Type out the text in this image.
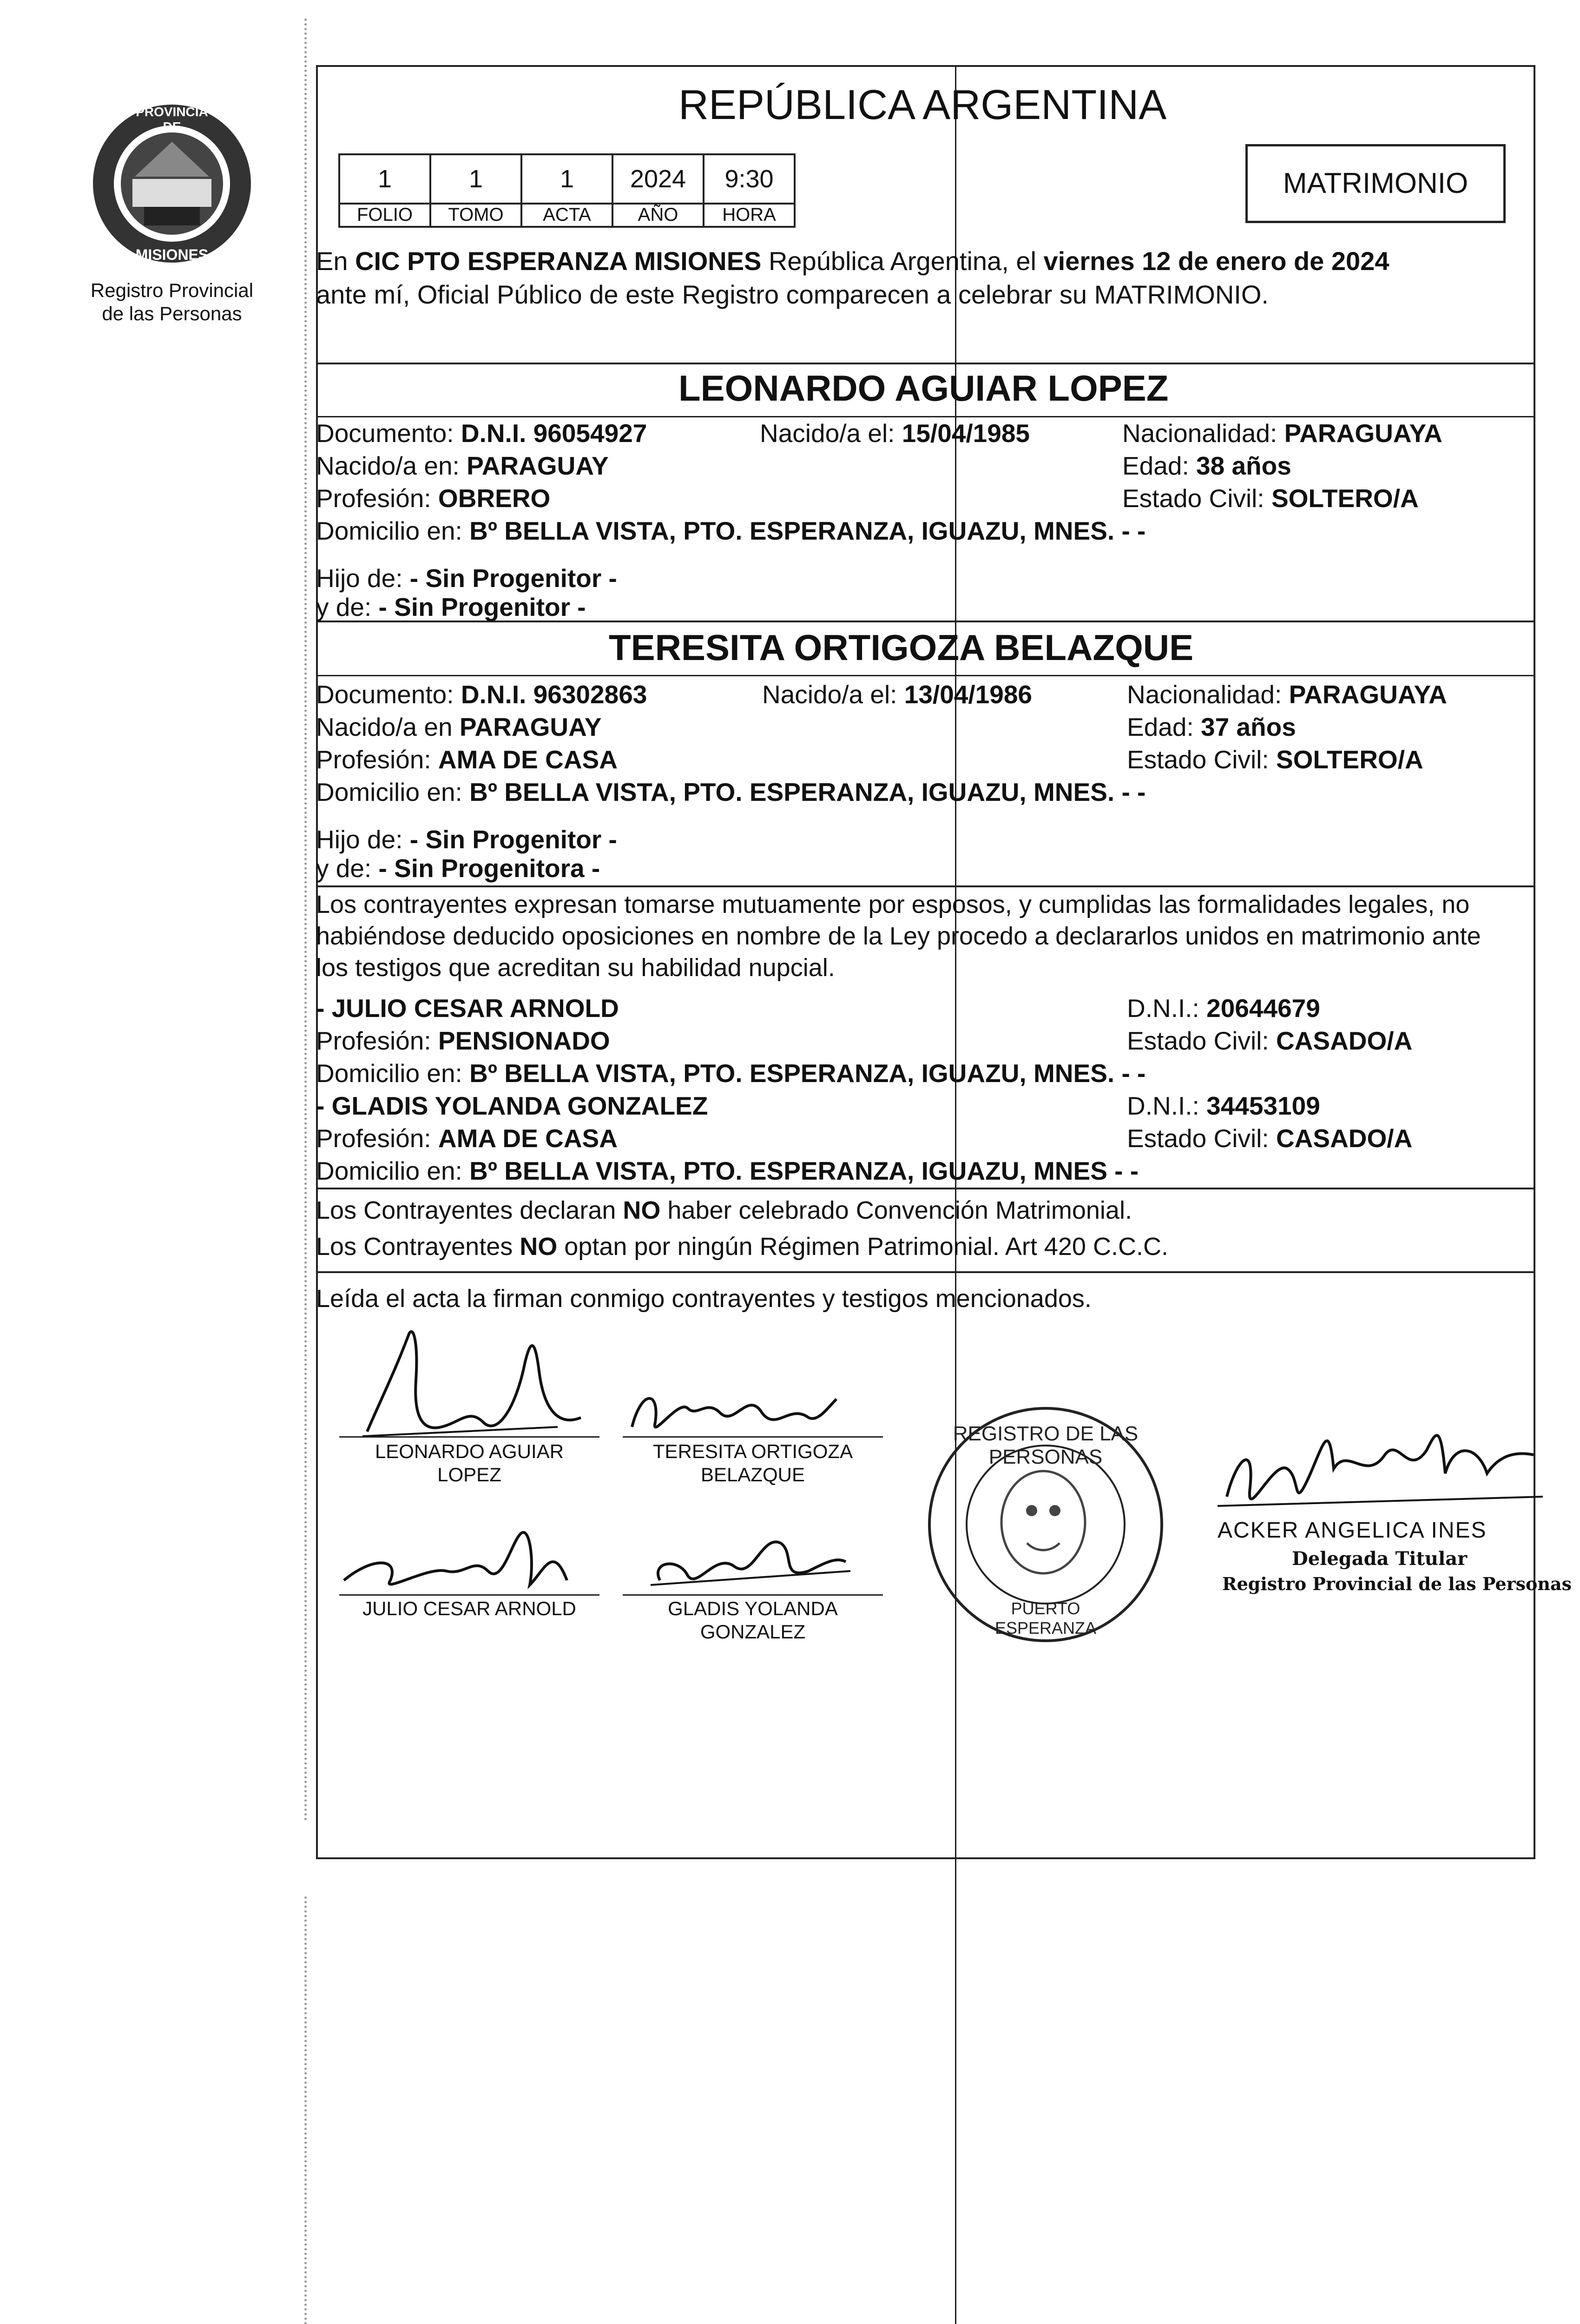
PROVINCIA DE
MISIONES
Registro Provincial
de las Personas
REPÚBLICA ARGENTINA
MATRIMONIO
1	1	1	2024	9:30
FOLIO	TOMO	ACTA	AÑO	HORA
En CIC PTO ESPERANZA MISIONES República Argentina, el viernes 12 de enero de 2024
ante mí, Oficial Público de este Registro comparecen a celebrar su MATRIMONIO.
LEONARDO AGUIAR LOPEZ
Documento: D.N.I. 96054927	Nacido/a el: 15/04/1985	Nacionalidad: PARAGUAYA
Nacido/a en: PARAGUAY	Edad: 38 años
Profesión: OBRERO	Estado Civil: SOLTERO/A
Domicilio en: Bº BELLA VISTA, PTO. ESPERANZA, IGUAZU, MNES. - -
Hijo de: - Sin Progenitor -
y de: - Sin Progenitor -
TERESITA ORTIGOZA BELAZQUE
Documento: D.N.I. 96302863	Nacido/a el: 13/04/1986	Nacionalidad: PARAGUAYA
Nacido/a en PARAGUAY	Edad: 37 años
Profesión: AMA DE CASA	Estado Civil: SOLTERO/A
Domicilio en: Bº BELLA VISTA, PTO. ESPERANZA, IGUAZU, MNES. - -
Hijo de: - Sin Progenitor -
y de: - Sin Progenitora -
Los contrayentes expresan tomarse mutuamente por esposos, y cumplidas las formalidades legales, no
habiéndose deducido oposiciones en nombre de la Ley procedo a declararlos unidos en matrimonio ante
los testigos que acreditan su habilidad nupcial.
- JULIO CESAR ARNOLD	D.N.I.: 20644679
Profesión: PENSIONADO	Estado Civil: CASADO/A
Domicilio en: Bº BELLA VISTA, PTO. ESPERANZA, IGUAZU, MNES. - -
- GLADIS YOLANDA GONZALEZ	D.N.I.: 34453109
Profesión: AMA DE CASA	Estado Civil: CASADO/A
Domicilio en: Bº BELLA VISTA, PTO. ESPERANZA, IGUAZU, MNES - -
Los Contrayentes declaran NO haber celebrado Convención Matrimonial.
Los Contrayentes NO optan por ningún Régimen Patrimonial. Art 420 C.C.C.
Leída el acta la firman conmigo contrayentes y testigos mencionados.
LEONARDO AGUIAR
LOPEZ
TERESITA ORTIGOZA
BELAZQUE
JULIO CESAR ARNOLD	GLADIS YOLANDA
GONZALEZ
REGISTRO DE LAS PERSONAS
PUERTO ESPERANZA
ACKER ANGELICA INES
Delegada Titular
Registro Provincial de las Personas
